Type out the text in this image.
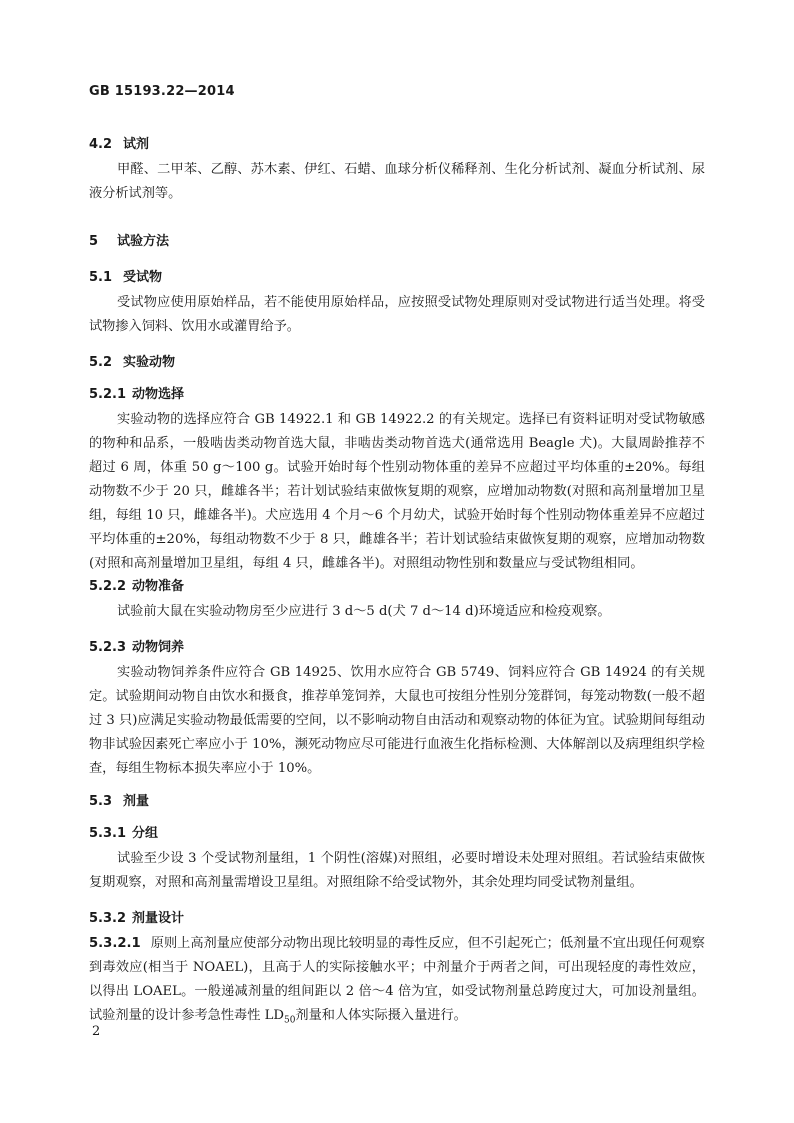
GB 15193.22—2014
4.2 试剂
甲醛、二甲苯、乙醇、苏木素、伊红、石蜡、血球分析仪稀释剂、生化分析试剂、凝血分析试剂、尿液分析试剂等。
5 试验方法
5.1 受试物
受试物应使用原始样品，若不能使用原始样品，应按照受试物处理原则对受试物进行适当处理。将受试物掺入饲料、饮用水或灌胃给予。
5.2 实验动物
5.2.1 动物选择
实验动物的选择应符合 GB 14922.1 和 GB 14922.2 的有关规定。选择已有资料证明对受试物敏感的物种和品系，一般啮齿类动物首选大鼠，非啮齿类动物首选犬(通常选用 Beagle 犬)。大鼠周龄推荐不超过 6 周，体重 50 g～100 g。试验开始时每个性别动物体重的差异不应超过平均体重的±20%。每组动物数不少于 20 只，雌雄各半；若计划试验结束做恢复期的观察，应增加动物数(对照和高剂量增加卫星组，每组 10 只，雌雄各半)。犬应选用 4 个月～6 个月幼犬，试验开始时每个性别动物体重差异不应超过平均体重的±20%，每组动物数不少于 8 只，雌雄各半；若计划试验结束做恢复期的观察，应增加动物数(对照和高剂量增加卫星组，每组 4 只，雌雄各半)。对照组动物性别和数量应与受试物组相同。
5.2.2 动物准备
试验前大鼠在实验动物房至少应进行 3 d～5 d(犬 7 d～14 d)环境适应和检疫观察。
5.2.3 动物饲养
实验动物饲养条件应符合 GB 14925、饮用水应符合 GB 5749、饲料应符合 GB 14924 的有关规定。试验期间动物自由饮水和摄食，推荐单笼饲养，大鼠也可按组分性别分笼群饲，每笼动物数(一般不超过 3 只)应满足实验动物最低需要的空间，以不影响动物自由活动和观察动物的体征为宜。试验期间每组动物非试验因素死亡率应小于 10%，濒死动物应尽可能进行血液生化指标检测、大体解剖以及病理组织学检查，每组生物标本损失率应小于 10%。
5.3 剂量
5.3.1 分组
试验至少设 3 个受试物剂量组，1 个阴性(溶媒)对照组，必要时增设未处理对照组。若试验结束做恢复期观察，对照和高剂量需增设卫星组。对照组除不给受试物外，其余处理均同受试物剂量组。
5.3.2 剂量设计
5.3.2.1 原则上高剂量应使部分动物出现比较明显的毒性反应，但不引起死亡；低剂量不宜出现任何观察到毒效应(相当于 NOAEL)，且高于人的实际接触水平；中剂量介于两者之间，可出现轻度的毒性效应，以得出 LOAEL。一般递减剂量的组间距以 2 倍～4 倍为宜，如受试物剂量总跨度过大，可加设剂量组。试验剂量的设计参考急性毒性 $LD_{50}$剂量和人体实际摄入量进行。
2
